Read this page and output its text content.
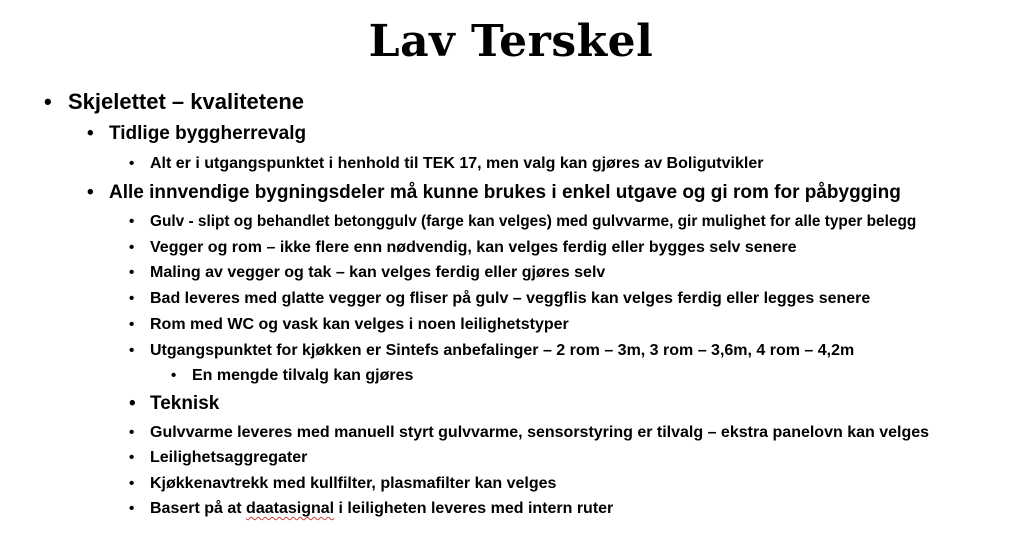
Lav Terskel
• Skjelettet – kvalitetene
• Tidlige byggherrevalg
• Alt er i utgangspunktet i henhold til TEK 17, men valg kan gjøres av Boligutvikler
• Alle innvendige bygningsdeler må kunne brukes i enkel utgave og gi rom for påbygging
• Gulv - slipt og behandlet betonggulv (farge kan velges) med gulvvarme, gir mulighet for alle typer belegg
• Vegger og rom – ikke flere enn nødvendig, kan velges ferdig eller bygges selv senere
• Maling av vegger og tak – kan velges ferdig eller gjøres selv
• Bad leveres med glatte vegger og fliser på gulv – veggflis kan velges ferdig eller legges senere
• Rom med WC og vask kan velges i noen leilighetstyper
• Utgangspunktet for kjøkken er Sintefs anbefalinger – 2 rom – 3m, 3 rom – 3,6m, 4 rom – 4,2m
• En mengde tilvalg kan gjøres
• Teknisk
• Gulvvarme leveres med manuell styrt gulvvarme, sensorstyring er tilvalg – ekstra panelovn kan velges
• Leilighetsaggregater
• Kjøkkenavtrekk med kullfilter, plasmafilter kan velges
• Basert på at daatasignal i leiligheten leveres med intern ruter
